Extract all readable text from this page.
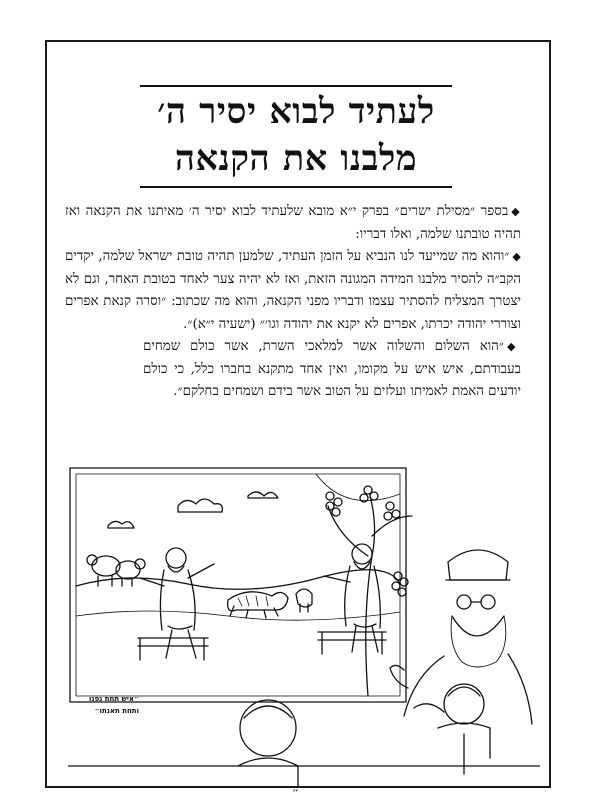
לעתיד לבוא יסיר ה׳
מלבנו את הקנאה

◆בספר ״מסילת ישרים״ בפרק י״א מובא שלעתיד לבוא יסיר ה׳ מאיתנו את הקנאה ואז תהיה טובתנו שלמה, ואלו דבריו:

◆״והוא מה שמייעד לנו הנביא על הזמן העתיד, שלמען תהיה טובת ישראל שלמה, יקדים הקב״ה להסיר מלבנו המידה המגונה הזאת, ואז לא יהיה צער לאחד בטובת האחר, וגם לא יצטרך המצליח להסתיר עצמו ודבריו מפני הקנאה, והוא מה שכתוב: ״וסרה קנאת אפרים וצוררי יהודה יכרתו, אפרים לא יקנא את יהודה וגו׳״ (ישעיה י״א)״.

◆״הוא השלום והשלוה אשר למלאכי השרת, אשר כולם שמחים בעבודתם, איש איש על מקומו, ואין אחד מתקנא בחברו כלל, כי כולם יודעים האמת לאמיתו ועלזים על הטוב אשר בידם ושמחים בחלקם״.

״איש תחת גפנו
ותחת תאנתו״
״
